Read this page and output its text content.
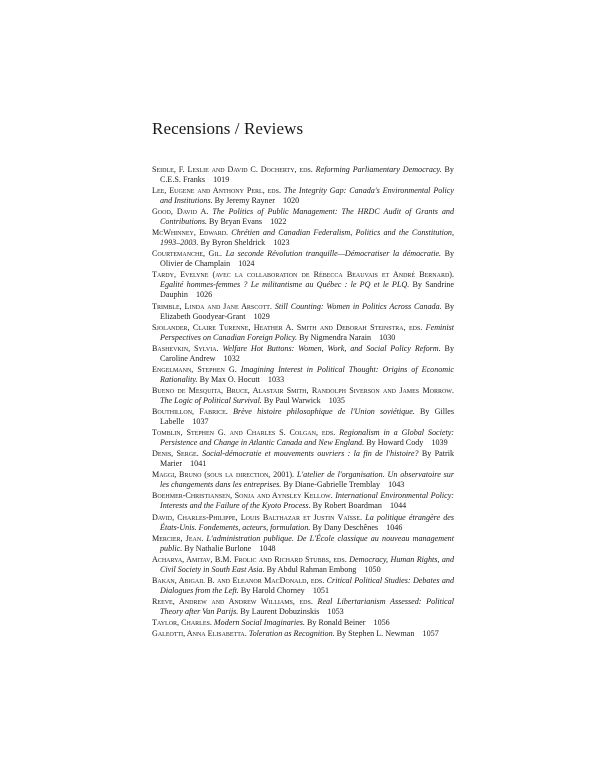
Recensions / Reviews

Seidle, F. Leslie and David C. Docherty, eds. Reforming Parliamentary Democracy. By C.E.S. Franks  1019

Lee, Eugene and Anthony Perl, eds. The Integrity Gap: Canada's Environmental Policy and Institutions. By Jeremy Rayner  1020

Good, David A. The Politics of Public Management: The HRDC Audit of Grants and Contributions. By Bryan Evans  1022

McWhinney, Edward. Chrétien and Canadian Federalism, Politics and the Constitution, 1993–2003. By Byron Sheldrick  1023

Courtemanche, Gil. La seconde Révolution tranquille—Démocratiser la démocratie. By Olivier de Champlain  1024

Tardy, Evelyne (avec la collaboration de Rébecca Beauvais et André Bernard). Egalité hommes-femmes ? Le militantisme au Québec : le PQ et le PLQ. By Sandrine Dauphin  1026

Trimble, Linda and Jane Arscott. Still Counting: Women in Politics Across Canada. By Elizabeth Goodyear-Grant  1029

Sjolander, Claire Turenne, Heather A. Smith and Deborah Steinstra, eds. Feminist Perspectives on Canadian Foreign Policy. By Nigmendra Narain  1030

Bashevkin, Sylvia. Welfare Hot Buttons: Women, Work, and Social Policy Reform. By Caroline Andrew  1032

Engelmann, Stephen G. Imagining Interest in Political Thought: Origins of Economic Rationality. By Max O. Hocutt  1033

Bueno de Mesquita, Bruce, Alastair Smith, Randolph Siverson and James Morrow. The Logic of Political Survival. By Paul Warwick  1035

Bouthillon, Fabrice. Brève histoire philosophique de l'Union soviétique. By Gilles Labelle  1037

Tomblin, Stephen G. and Charles S. Colgan, eds. Regionalism in a Global Society: Persistence and Change in Atlantic Canada and New England. By Howard Cody  1039

Denis, Serge. Social-démocratie et mouvements ouvriers : la fin de l'histoire? By Patrik Marier  1041

Maggi, Bruno (sous la direction, 2001). L'atelier de l'organisation. Un observatoire sur les changements dans les entreprises. By Diane-Gabrielle Tremblay  1043

Boehmer-Christiansen, Sonja and Aynsley Kellow. International Environmental Policy: Interests and the Failure of the Kyoto Process. By Robert Boardman  1044

David, Charles-Philippe, Louis Balthazar et Justin Vaïsse. La politique étrangère des États-Unis. Fondements, acteurs, formulation. By Dany Deschênes  1046

Mercier, Jean. L'administration publique. De L'École classique au nouveau management public. By Nathalie Burlone  1048

Acharya, Amitav, B.M. Frolic and Richard Stubbs, eds. Democracy, Human Rights, and Civil Society in South East Asia. By Abdul Rahman Embong  1050

Bakan, Abigail B. and Eleanor MacDonald, eds. Critical Political Studies: Debates and Dialogues from the Left. By Harold Chorney  1051

Reeve, Andrew and Andrew Williams, eds. Real Libertarianism Assessed: Political Theory after Van Parijs. By Laurent Dobuzinskis  1053

Taylor, Charles. Modern Social Imaginaries. By Ronald Beiner  1056

Galeotti, Anna Elisabetta. Toleration as Recognition. By Stephen L. Newman  1057
